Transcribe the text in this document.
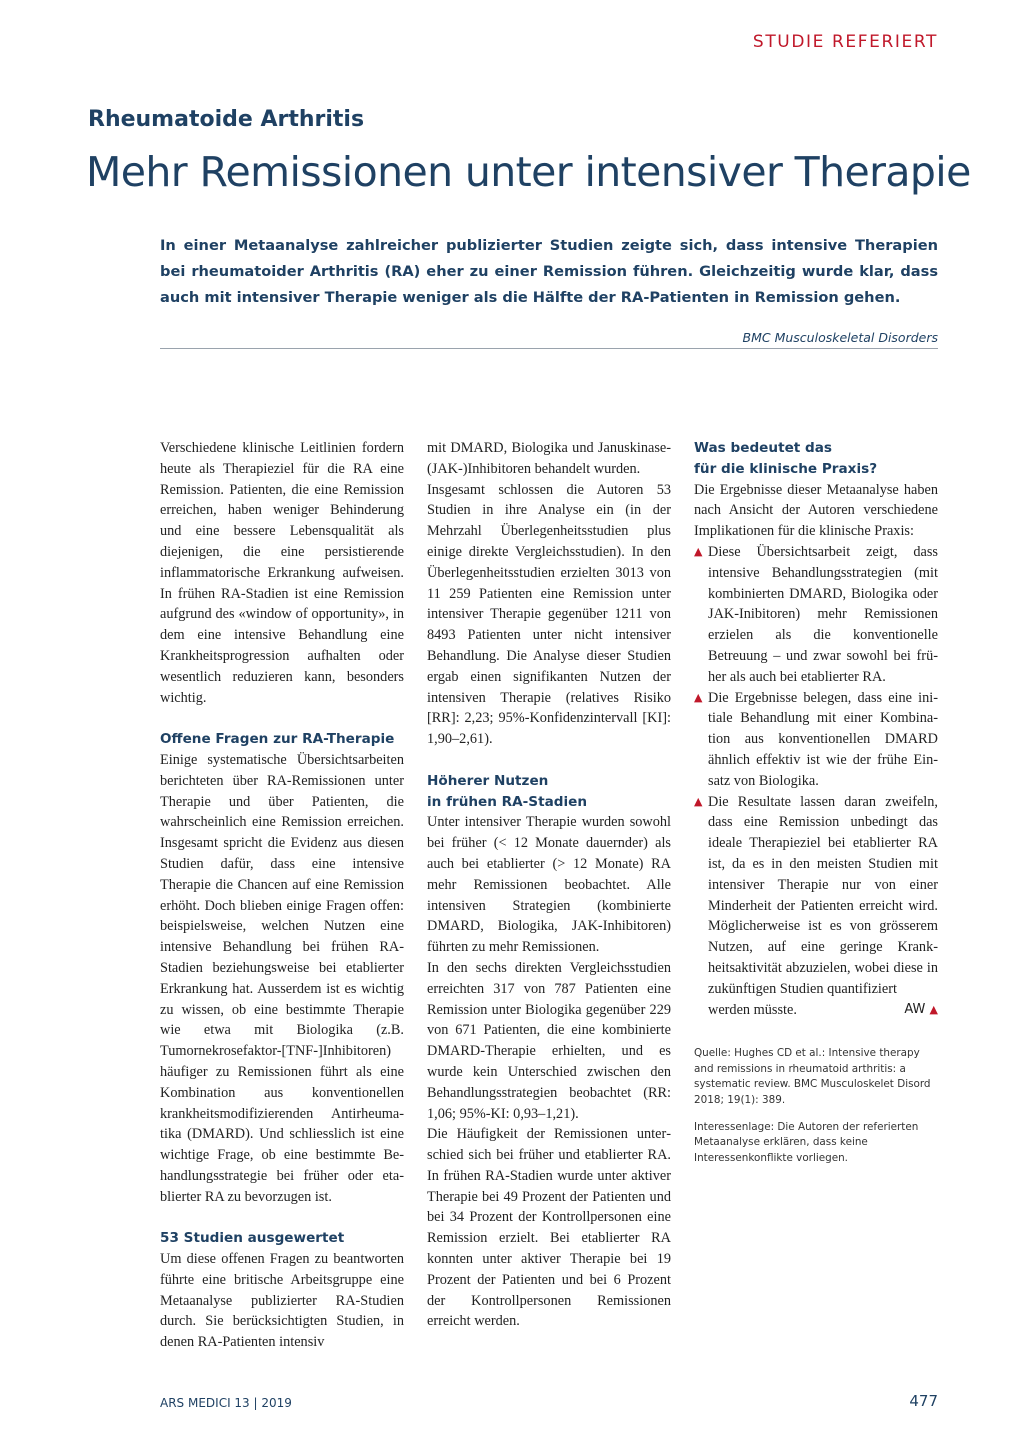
STUDIE REFERIERT
Rheumatoide Arthritis
Mehr Remissionen unter intensiver Therapie

In einer Metaanalyse zahlreicher publizierter Studien zeigte sich, dass intensive Therapien bei rheumatoider Arthritis (RA) eher zu einer Remission führen. Gleichzeitig wurde klar, dass auch mit intensiver Therapie weniger als die Hälfte der RA-Patienten in Remission gehen.

BMC Musculoskeletal Disorders

Verschiedene klinische Leitlinien fordern heute als Therapieziel für die RA eine Remission. Patienten, die eine Remission erreichen, haben weniger Behinderung und eine bessere Lebensqualität als diejenigen, die eine persistierende inflammatorische Erkrankung aufweisen. In frühen RA-Stadien ist eine Remission aufgrund des «window of opportunity», in dem eine intensive Behandlung eine Krankheitsprogression aufhalten oder wesentlich reduzieren kann, besonders wichtig.

Offene Fragen zur RA-Therapie

Einige systematische Übersichtsarbeiten berichteten über RA-Remissionen unter Therapie und über Patienten, die wahrscheinlich eine Remission erreichen. Insgesamt spricht die Evidenz aus diesen Studien dafür, dass eine intensive Therapie die Chancen auf eine Remission erhöht. Doch blieben einige Fragen offen: beispielsweise, welchen Nutzen eine intensive Behandlung bei frühen RA-Stadien beziehungsweise bei etablierter Erkrankung hat. Ausserdem ist es wichtig zu wissen, ob eine bestimmte Therapie wie etwa mit Biologika (z.B. Tumornekrosefaktor-[TNF-]Inhibitoren) häufiger zu Remissionen führt als eine Kombination aus konventionellen krankheitsmodifizierenden Antirheumatika (DMARD). Und schliesslich ist eine wichtige Frage, ob eine bestimmte Behandlungsstrategie bei früher oder etablierter RA zu bevorzugen ist.

53 Studien ausgewertet

Um diese offenen Fragen zu beantworten führte eine britische Arbeitsgruppe eine Metaanalyse publizierter RA-Studien durch. Sie berücksichtigten Studien, in denen RA-Patienten intensiv

mit DMARD, Biologika und Januskinase-(JAK-)Inhibitoren behandelt wurden.

Insgesamt schlossen die Autoren 53 Studien in ihre Analyse ein (in der Mehrzahl Überlegenheitsstudien plus einige direkte Vergleichsstudien). In den Überlegenheitsstudien erzielten 3013 von 11 259 Patienten eine Remission unter intensiver Therapie gegenüber 1211 von 8493 Patienten unter nicht intensiver Behandlung. Die Analyse dieser Studien ergab einen signifikanten Nutzen der intensiven Therapie (relatives Risiko [RR]: 2,23; 95%-Konfidenzintervall [KI]: 1,90–2,61).

Höherer Nutzen
in frühen RA-Stadien

Unter intensiver Therapie wurden sowohl bei früher (< 12 Monate dauernder) als auch bei etablierter (> 12 Monate) RA mehr Remissionen beobachtet. Alle intensiven Strategien (kombinierte DMARD, Biologika, JAK-Inhibitoren) führten zu mehr Remissionen.

In den sechs direkten Vergleichsstudien erreichten 317 von 787 Patienten eine Remission unter Biologika gegenüber 229 von 671 Patienten, die eine kombinierte DMARD-Therapie erhielten, und es wurde kein Unterschied zwischen den Behandlungsstrategien beobachtet (RR: 1,06; 95%-KI: 0,93–1,21).

Die Häufigkeit der Remissionen unterschied sich bei früher und etablierter RA. In frühen RA-Stadien wurde unter aktiver Therapie bei 49 Prozent der Patienten und bei 34 Prozent der Kontrollpersonen eine Remission erzielt. Bei etablierter RA konnten unter aktiver Therapie bei 19 Prozent der Patienten und bei 6 Prozent der Kontrollpersonen Remissionen erreicht werden.

Was bedeutet das
für die klinische Praxis?

Die Ergebnisse dieser Metaanalyse haben nach Ansicht der Autoren verschiedene Implikationen für die klinische Praxis:

▲ Diese Übersichtsarbeit zeigt, dass intensive Behandlungsstrategien (mit kombinierten DMARD, Biologika oder JAK-Inibitoren) mehr Remissionen erzielen als die konventionelle Betreuung – und zwar sowohl bei früher als auch bei etablierter RA.

▲ Die Ergebnisse belegen, dass eine initiale Behandlung mit einer Kombination aus konventionellen DMARD ähnlich effektiv ist wie der frühe Einsatz von Biologika.

▲ Die Resultate lassen daran zweifeln, dass eine Remission unbedingt das ideale Therapieziel bei etablierter RA ist, da es in den meisten Studien mit intensiver Therapie nur von einer Minderheit der Patienten erreicht wird. Möglicherweise ist es von grösserem Nutzen, auf eine geringe Krankheitsaktivität abzuzielen, wobei diese in zukünftigen Studien quantifiziert

werden müsste.	AW ▲

Quelle: Hughes CD et al.: Intensive therapy and remissions in rheumatoid arthritis: a systematic review. BMC Musculoskelet Disord 2018; 19(1): 389.

Interessenlage: Die Autoren der referierten Metaanalyse erklären, dass keine Interessenkonflikte vorliegen.

ARS MEDICI 13 | 2019	477
